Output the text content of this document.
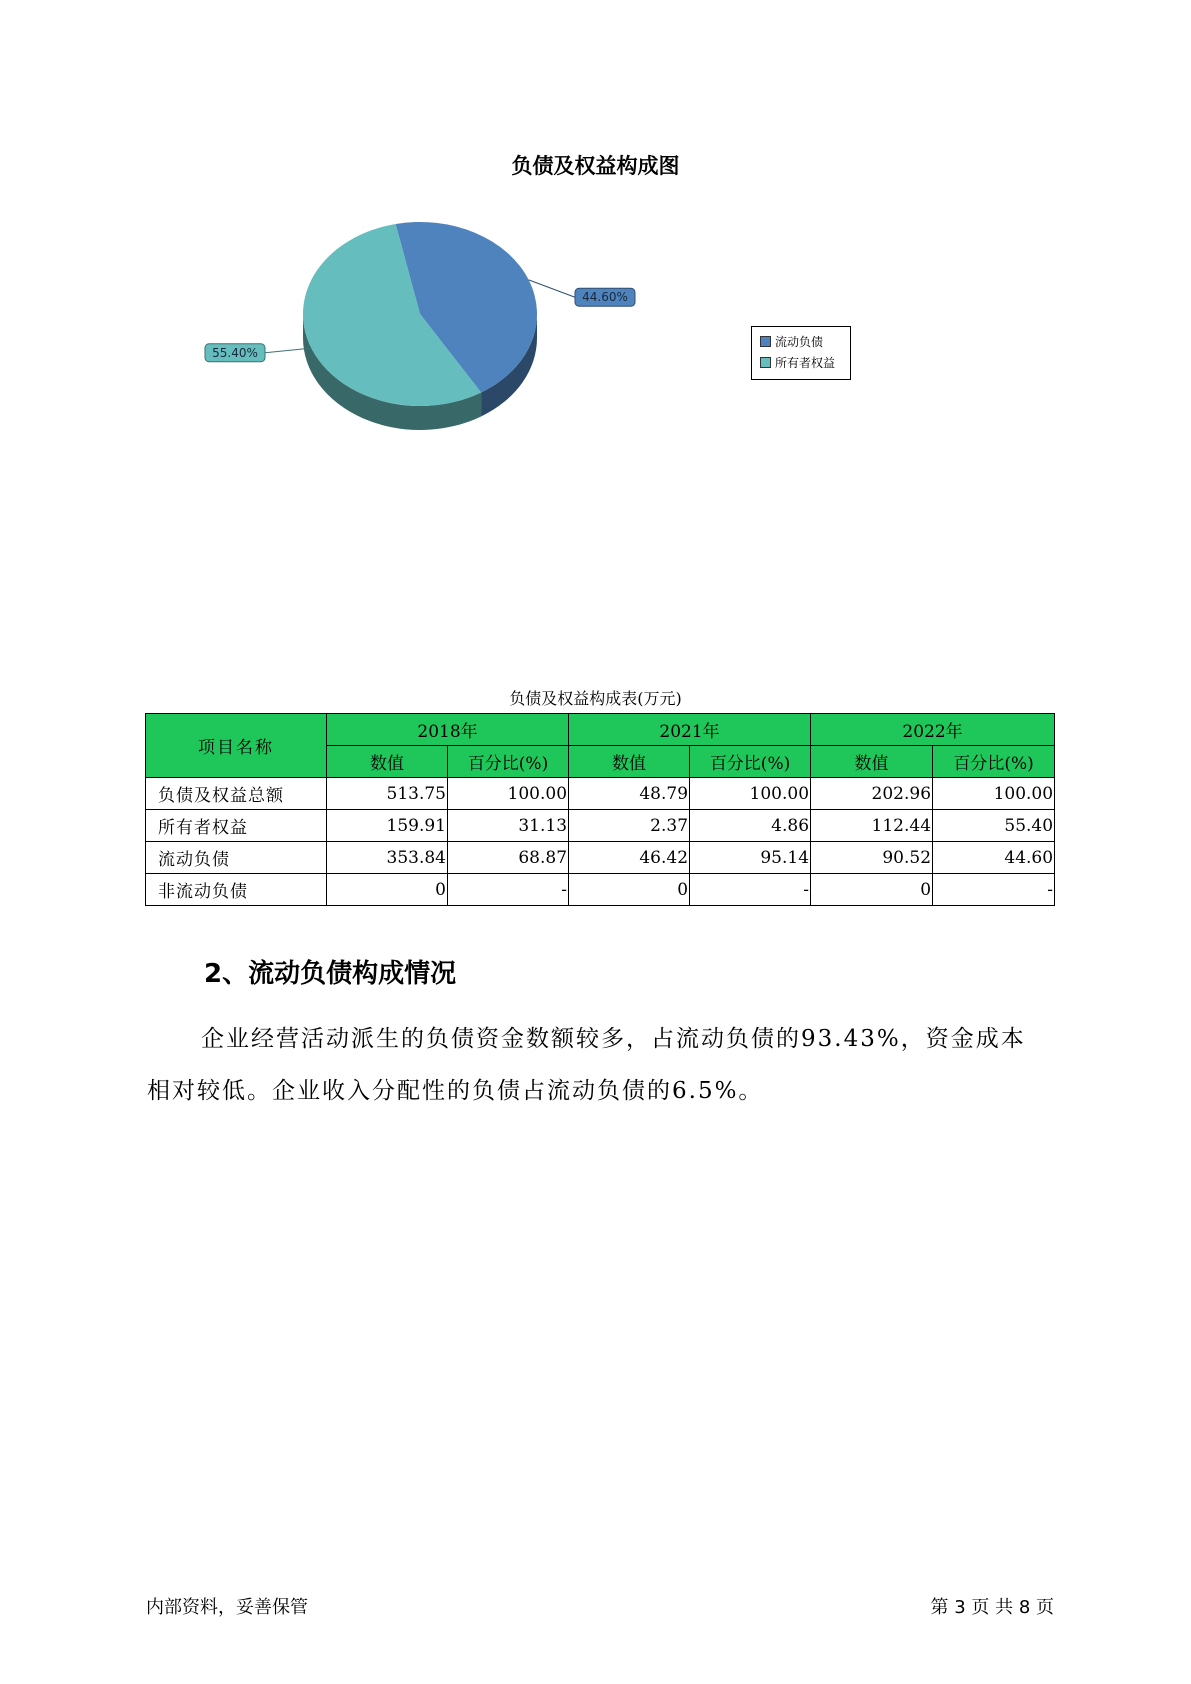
负债及权益构成图
44.60%
55.40%
流动负债
所有者权益
负债及权益构成表(万元)
项目名称	2018年		2021年		2022年	
	数值	百分比(%)	数值	百分比(%)	数值	百分比(%)
负债及权益总额	513.75	100.00	48.79	100.00	202.96	100.00
所有者权益	159.91	31.13	2.37	4.86	112.44	55.40
流动负债	353.84	68.87	46.42	95.14	90.52	44.60
非流动负债	0	-	0	-	0	-
2、流动负债构成情况
企业经营活动派生的负债资金数额较多，占流动负债的93.43%，资金成本相对较低。企业收入分配性的负债占流动负债的6.5%。
内部资料，妥善保管	第 3 页 共 8 页
